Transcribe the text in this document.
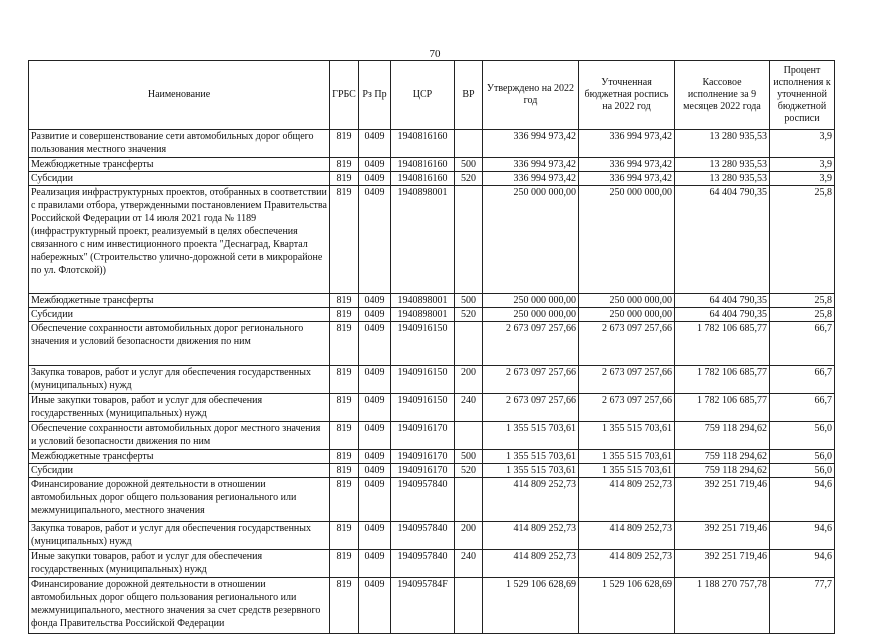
70
Наименование	ГРБС	Рз Пр	ЦСР	ВР	Утверждено на 2022 год	Уточненная бюджетная роспись на 2022 год	Кассовое исполнение за 9 месяцев 2022 года	Процент исполнения к уточненной бюджетной росписи
Развитие и совершенствование сети автомобильных дорог общего пользования местного значения	819	0409	1940816160		336 994 973,42	336 994 973,42	13 280 935,53	3,9
Межбюджетные трансферты	819	0409	1940816160	500	336 994 973,42	336 994 973,42	13 280 935,53	3,9
Субсидии	819	0409	1940816160	520	336 994 973,42	336 994 973,42	13 280 935,53	3,9
Реализация инфраструктурных проектов, отобранных в соответствии с правилами отбора, утвержденными постановлением Правительства Российской Федерации от 14 июля 2021 года № 1189 (инфраструктурный проект, реализуемый в целях обеспечения связанного с ним инвестиционного проекта "Деснаград, Квартал набережных" (Строительство улично-дорожной сети в микрорайоне по ул. Флотской))	819	0409	1940898001		250 000 000,00	250 000 000,00	64 404 790,35	25,8
Межбюджетные трансферты	819	0409	1940898001	500	250 000 000,00	250 000 000,00	64 404 790,35	25,8
Субсидии	819	0409	1940898001	520	250 000 000,00	250 000 000,00	64 404 790,35	25,8
Обеспечение сохранности автомобильных дорог регионального значения и условий безопасности движения по ним	819	0409	1940916150		2 673 097 257,66	2 673 097 257,66	1 782 106 685,77	66,7
Закупка товаров, работ и услуг для обеспечения государственных (муниципальных) нужд	819	0409	1940916150	200	2 673 097 257,66	2 673 097 257,66	1 782 106 685,77	66,7
Иные закупки товаров, работ и услуг для обеспечения государственных (муниципальных) нужд	819	0409	1940916150	240	2 673 097 257,66	2 673 097 257,66	1 782 106 685,77	66,7
Обеспечение сохранности автомобильных дорог местного значения и условий безопасности движения по ним	819	0409	1940916170		1 355 515 703,61	1 355 515 703,61	759 118 294,62	56,0
Межбюджетные трансферты	819	0409	1940916170	500	1 355 515 703,61	1 355 515 703,61	759 118 294,62	56,0
Субсидии	819	0409	1940916170	520	1 355 515 703,61	1 355 515 703,61	759 118 294,62	56,0
Финансирование дорожной деятельности в отношении автомобильных дорог общего пользования регионального или межмуниципального, местного значения	819	0409	1940957840		414 809 252,73	414 809 252,73	392 251 719,46	94,6
Закупка товаров, работ и услуг для обеспечения государственных (муниципальных) нужд	819	0409	1940957840	200	414 809 252,73	414 809 252,73	392 251 719,46	94,6
Иные закупки товаров, работ и услуг для обеспечения государственных (муниципальных) нужд	819	0409	1940957840	240	414 809 252,73	414 809 252,73	392 251 719,46	94,6
Финансирование дорожной деятельности в отношении автомобильных дорог общего пользования регионального или межмуниципального, местного значения за счет средств резервного фонда Правительства Российской Федерации	819	0409	194095784F		1 529 106 628,69	1 529 106 628,69	1 188 270 757,78	77,7
